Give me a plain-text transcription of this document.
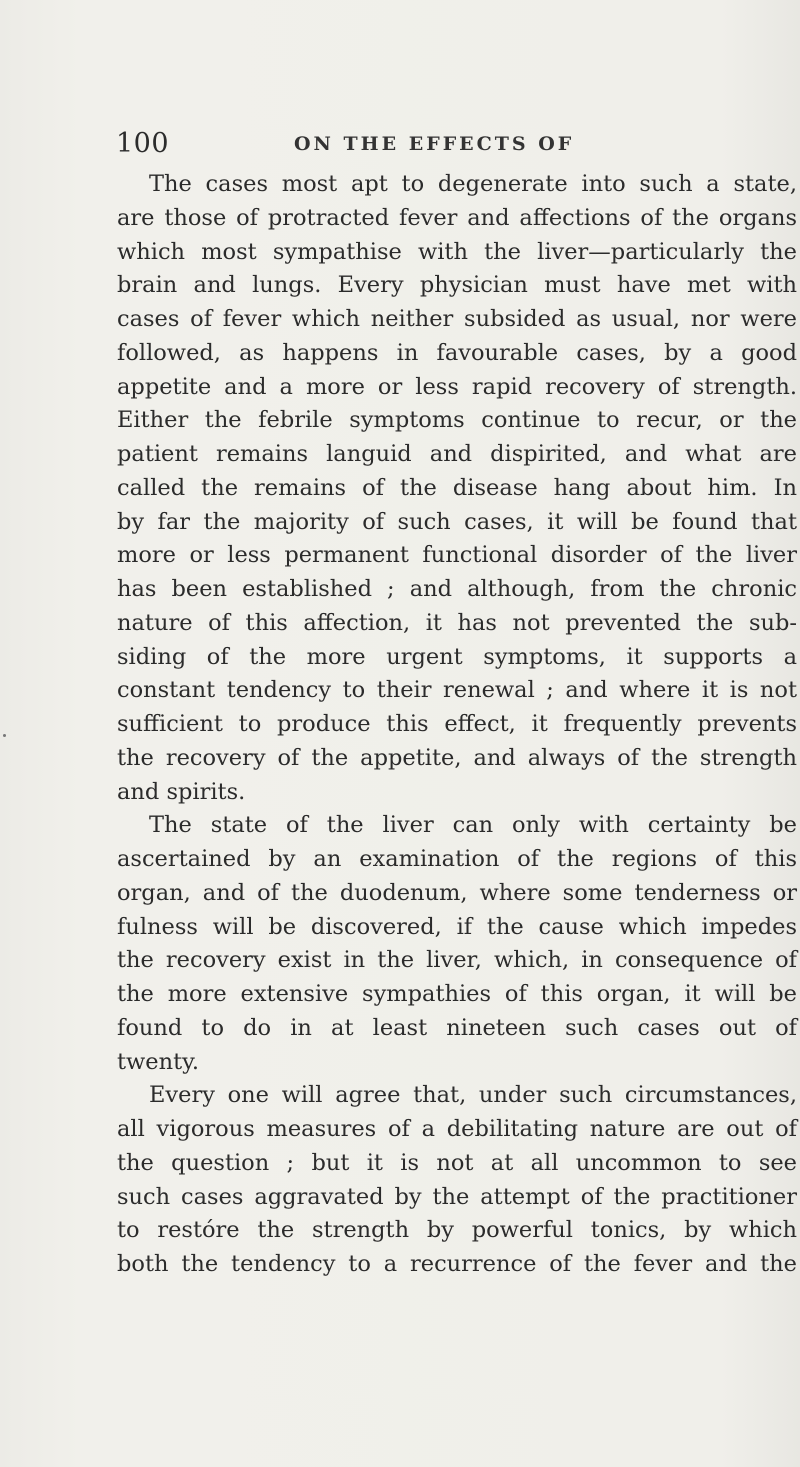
100	ON THE EFFECTS OF
The cases most apt to degenerate into such a state,
are those of protracted fever and affections of the organs
which most sympathise with the liver—particularly the
brain and lungs. Every physician must have met with
cases of fever which neither subsided as usual, nor were
followed, as happens in favourable cases, by a good
appetite and a more or less rapid recovery of strength.
Either the febrile symptoms continue to recur, or the
patient remains languid and dispirited, and what are
called the remains of the disease hang about him. In
by far the majority of such cases, it will be found that
more or less permanent functional disorder of the liver
has been established ; and although, from the chronic
nature of this affection, it has not prevented the sub-
siding of the more urgent symptoms, it supports a
constant tendency to their renewal ; and where it is not
sufficient to produce this effect, it frequently prevents
the recovery of the appetite, and always of the strength
and spirits.
The state of the liver can only with certainty be
ascertained by an examination of the regions of this
organ, and of the duodenum, where some tenderness or
fulness will be discovered, if the cause which impedes
the recovery exist in the liver, which, in consequence of
the more extensive sympathies of this organ, it will be
found to do in at least nineteen such cases out of
twenty.
Every one will agree that, under such circumstances,
all vigorous measures of a debilitating nature are out of
the question ; but it is not at all uncommon to see
such cases aggravated by the attempt of the practitioner
to restóre the strength by powerful tonics, by which
both the tendency to a recurrence of the fever and the
